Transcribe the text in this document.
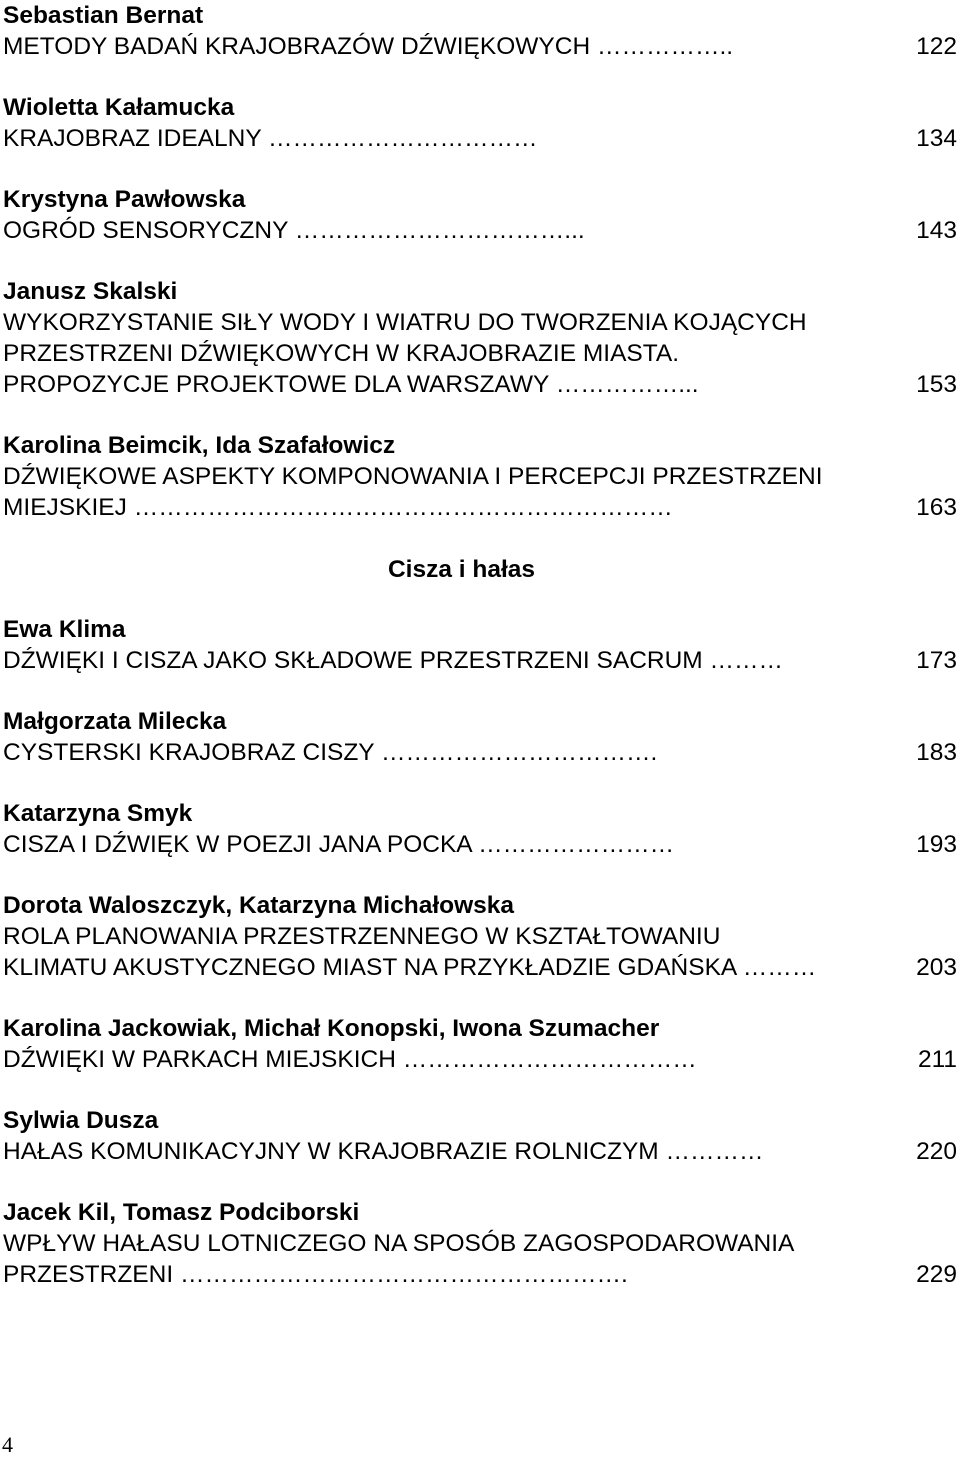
Sebastian Bernat
METODY BADAŃ KRAJOBRAZÓW DŹWIĘKOWYCH ……………..	122
Wioletta Kałamucka
KRAJOBRAZ IDEALNY ……………………………	134
Krystyna Pawłowska
OGRÓD SENSORYCZNY ……………………………...	143
Janusz Skalski
WYKORZYSTANIE SIŁY WODY I WIATRU DO TWORZENIA KOJĄCYCH
PRZESTRZENI DŹWIĘKOWYCH W KRAJOBRAZIE MIASTA.
PROPOZYCJE PROJEKTOWE DLA WARSZAWY ……………...	153
Karolina Beimcik, Ida Szafałowicz
DŹWIĘKOWE ASPEKTY KOMPONOWANIA I PERCEPCJI PRZESTRZENI
MIEJSKIEJ …………………………………………………………	163
Cisza i hałas
Ewa Klima
DŹWIĘKI I CISZA JAKO SKŁADOWE PRZESTRZENI SACRUM ………	173
Małgorzata Milecka
CYSTERSKI KRAJOBRAZ CISZY …………………………….	183
Katarzyna Smyk
CISZA I DŹWIĘK W POEZJI JANA POCKA ……………………	193
Dorota Waloszczyk, Katarzyna Michałowska
ROLA PLANOWANIA PRZESTRZENNEGO W KSZTAŁTOWANIU
KLIMATU AKUSTYCZNEGO MIAST NA PRZYKŁADZIE GDAŃSKA ………	203
Karolina Jackowiak, Michał Konopski, Iwona Szumacher
DŹWIĘKI W PARKACH MIEJSKICH ………………………………	211
Sylwia Dusza
HAŁAS KOMUNIKACYJNY W KRAJOBRAZIE ROLNICZYM …………	220
Jacek Kil, Tomasz Podciborski
WPŁYW HAŁASU LOTNICZEGO NA SPOSÓB ZAGOSPODAROWANIA
PRZESTRZENI ……………………………………………….	229
4
